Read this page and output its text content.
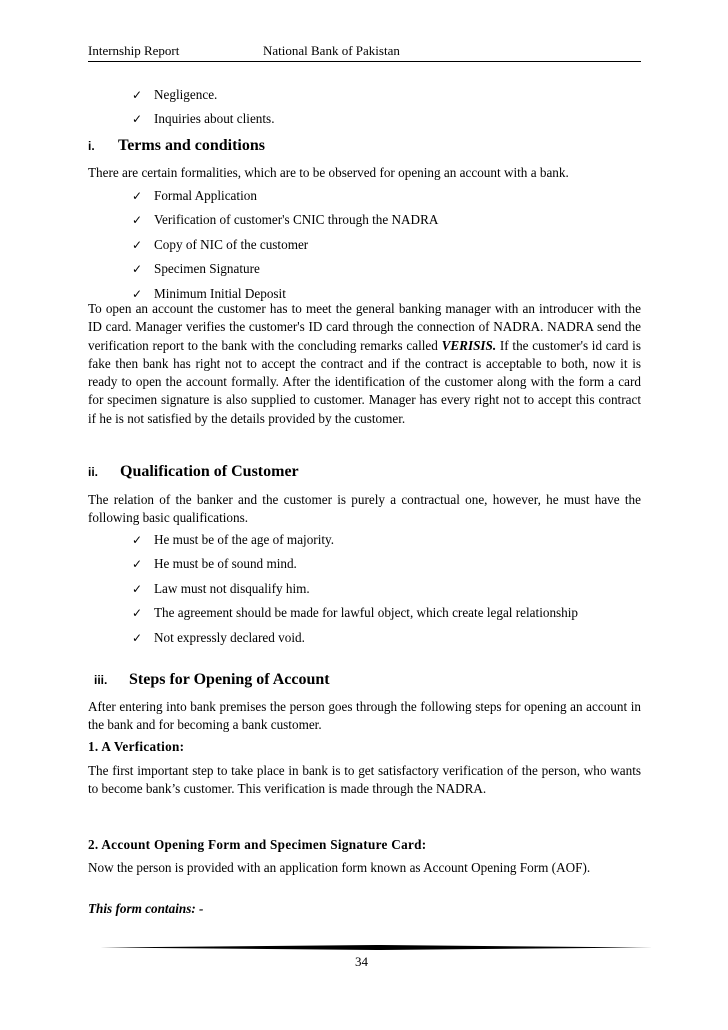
Internship Report	National Bank of Pakistan
✓ Negligence.
✓ Inquiries about clients.
i. Terms and conditions

There are certain formalities, which are to be observed for opening an account with a bank.

✓ Formal Application
✓ Verification of customer's CNIC through the NADRA
✓ Copy of NIC of the customer
✓ Specimen Signature
✓ Minimum Initial Deposit

To open an account the customer has to meet the general banking manager with an introducer with the ID card. Manager verifies the customer's ID card through the connection of NADRA. NADRA send the verification report to the bank with the concluding remarks called VERISIS. If the customer's id card is fake then bank has right not to accept the contract and if the contract is acceptable to both, now it is ready to open the account formally. After the identification of the customer along with the form a card for specimen signature is also supplied to customer. Manager has every right not to accept this contract if he is not satisfied by the details provided by the customer.

ii. Qualification of Customer

The relation of the banker and the customer is purely a contractual one, however, he must have the following basic qualifications.

✓ He must be of the age of majority.
✓ He must be of sound mind.
✓ Law must not disqualify him.
✓ The agreement should be made for lawful object, which create legal relationship
✓ Not expressly declared void.
iii. Steps for Opening of Account

After entering into bank premises the person goes through the following steps for opening an account in the bank and for becoming a bank customer.

1. A Verfication:

The first important step to take place in bank is to get satisfactory verification of the person, who wants to become bank’s customer. This verification is made through the NADRA.

2. Account Opening Form and Specimen Signature Card:

Now the person is provided with an application form known as Account Opening Form (AOF).

This form contains: -

34
